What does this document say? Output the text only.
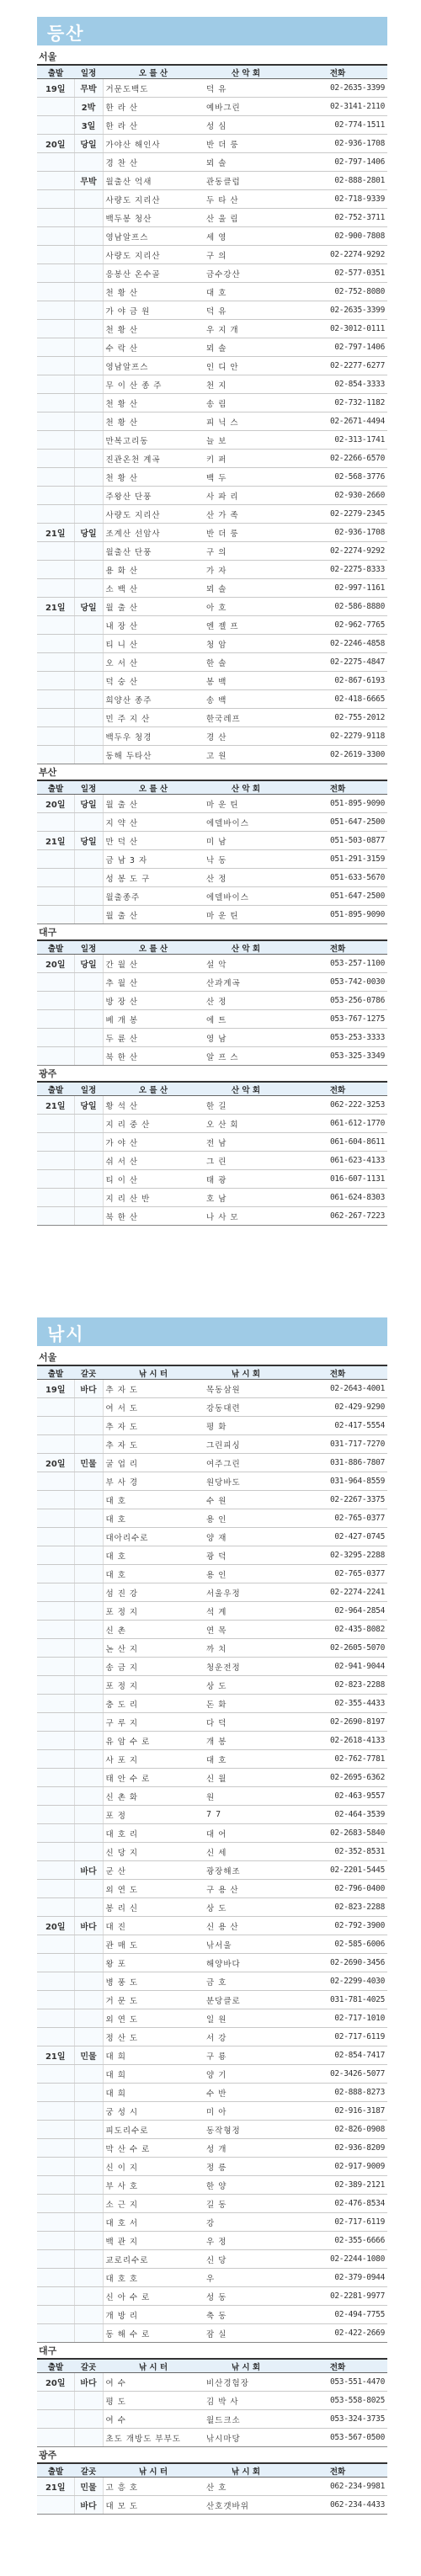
등산
서울
출발	일정	오 를 산	산 악 회	전화
19일	무박	거문도백도	덕 유	02-2635-3399
	2박	한 라 산	예바그린	02-3141-2110
	3일	한 라 산	성 심	02-774-1511
20일	당일	가야산 해인사	반 더 룽	02-936-1708
		경 찬 산	뫼 솔	02-797-1406
	무박	월출산 억새	관동클럽	02-888-2801
		사량도 지리산	두 타 산	02-718-9339
		백두봉 청산	산 울 림	02-752-3711
		영남알프스	세 영	02-900-7808
		사량도 지리산	구 의	02-2274-9292
		응봉산 온수골	금수강산	02-577-0351
		천 황 산	대 호	02-752-8080
		가 야 금 원	덕 유	02-2635-3399
		천 황 산	우 지 개	02-3012-0111
		수 락 산	뫼 솔	02-797-1406
		영남알프스	인 디 안	02-2277-6277
		무 이 산 종 주	천 지	02-854-3333
		천 황 산	송 림	02-732-1182
		천 황 산	피 닉 스	02-2671-4494
		만복고리동	늘 보	02-313-1741
		진관온천 계곡	키 퍼	02-2266-6570
		천 황 산	백 두	02-568-3776
		주왕산 단풍	사 파 리	02-930-2660
		사량도 지리산	산 가 족	02-2279-2345
21일	당일	조계산 선암사	반 더 룽	02-936-1708
		월출산 단풍	구 의	02-2274-9292
		용 화 산	가 자	02-2275-8333
		소 백 산	뫼 솔	02-997-1161
21일	당일	월 출 산	아 호	02-586-8880
		내 장 산	엔 젤 프	02-962-7765
		티 니 산	청 암	02-2246-4858
		오 서 산	한 솔	02-2275-4847
		덕 숭 산	봉 백	02-867-6193
		희양산 종주	송 백	02-418-6665
		민 주 지 산	한국레프	02-755-2012
		백두우 청경	경 산	02-2279-9118
		동해 두타산	고 원	02-2619-3300
부산
출발	일정	오 를 산	산 악 회	전화
20일	당일	월 출 산	마 운 틴	051-895-9090
		지 약 산	에델바이스	051-647-2500
21일	당일	만 덕 산	미 남	051-503-0877
		금 남 3 자	낙 동	051-291-3159
		성 봉 도 구	산 정	051-633-5670
		월출종주	에델바이스	051-647-2500
		월 출 산	마 운 틴	051-895-9090
대구
출발	일정	오 를 산	산 악 회	전화
20일	당일	간 월 산	설 악	053-257-1100
		추 월 산	산과계곡	053-742-0030
		방 장 산	산 정	053-256-0786
		베 개 봉	에 트	053-767-1275
		두 륜 산	영 남	053-253-3333
		북 한 산	알 프 스	053-325-3349
광주
출발	일정	오 를 산	산 악 회	전화
21일	당일	황 석 산	한 길	062-222-3253
		지 리 중 산	오 산 회	061-612-1770
		가 야 산	전 남	061-604-8611
		쉬 서 산	그 린	061-623-4133
		티 이 산	태 광	016-607-1131
		지 리 산 반	호 남	061-624-8303
		북 한 산	나 사 모	062-267-7223
낚시
서울
출발	갈곳	낚 시 터	낚 시 회	전화
19일	바다	추 자 도	목동삼원	02-2643-4001
		여 서 도	강동대련	02-429-9290
		추 자 도	평 화	02-417-5554
		추 자 도	그린피싱	031-717-7270
20일	민물	굴 업 리	여주그린	031-886-7807
		부 사 경	원당바도	031-964-8559
		대 호	수 원	02-2267-3375
		대 호	용 인	02-765-0377
		대아리수로	양 재	02-427-0745
		대 호	광 덕	02-3295-2288
		대 호	용 인	02-765-0377
		섬 진 강	서울우정	02-2274-2241
		포 정 지	석 계	02-964-2854
		신 촌	연 목	02-435-8082
		논 산 지	까 치	02-2605-5070
		송 금 지	청운전정	02-941-9044
		포 정 지	상 도	02-823-2288
		충 도 리	돈 화	02-355-4433
		구 루 지	다 덕	02-2690-8197
		유 암 수 로	개 봉	02-2618-4133
		사 포 지	대 호	02-762-7781
		태 안 수 로	신 월	02-2695-6362
		신 촌 화	원	02-463-9557
		포 정	7 7	02-464-3539
		대 호 리	대 어	02-2683-5840
		신 당 지	신 세	02-352-8531
	바다	군 산	광장해조	02-2201-5445
		외 연 도	구 용 산	02-796-0400
		봉 리 신	상 도	02-823-2288
20일	바다	대 진	신 용 산	02-792-3900
		관 매 도	낚서울	02-585-6006
		왕 포	해양바다	02-2690-3456
		병 풍 도	금 호	02-2299-4030
		거 문 도	분당클로	031-781-4025
		외 연 도	일 원	02-717-1010
		정 산 도	서 강	02-717-6119
21일	민물	대 희	구 룡	02-854-7417
		대 희	양 기	02-3426-5077
		대 희	수 반	02-888-8273
		궁 성 시	미 아	02-916-3187
		피도리수로	동작형정	02-826-0908
		막 산 수 로	성 개	02-936-8209
		신 이 지	정 릉	02-917-9009
		부 사 호	한 양	02-389-2121
		소 근 지	길 동	02-476-8534
		대 호 서	강	02-717-6119
		백 관 지	우 정	02-355-6666
		교로리수로	신 당	02-2244-1080
		대 호 호	우	02-379-0944
		신 아 수 로	성 동	02-2281-9977
		개 방 리	축 동	02-494-7755
		동 해 수 로	잠 실	02-422-2669
대구
출발	갈곳	낚 시 터	낚 시 회	전화
20일	바다	여 수	비산경험장	053-551-4470
		평 도	김 박 사	053-558-8025
		여 수	월드크소	053-324-3735
		초도 개방도 부부도	낚시마당	053-567-0500
광주
출발	갈곳	낚 시 터	낚 시 회	전화
21일	민물	고 흥 호	산 호	062-234-9981
	바다	대 모 도	산호갯바위	062-234-4433
